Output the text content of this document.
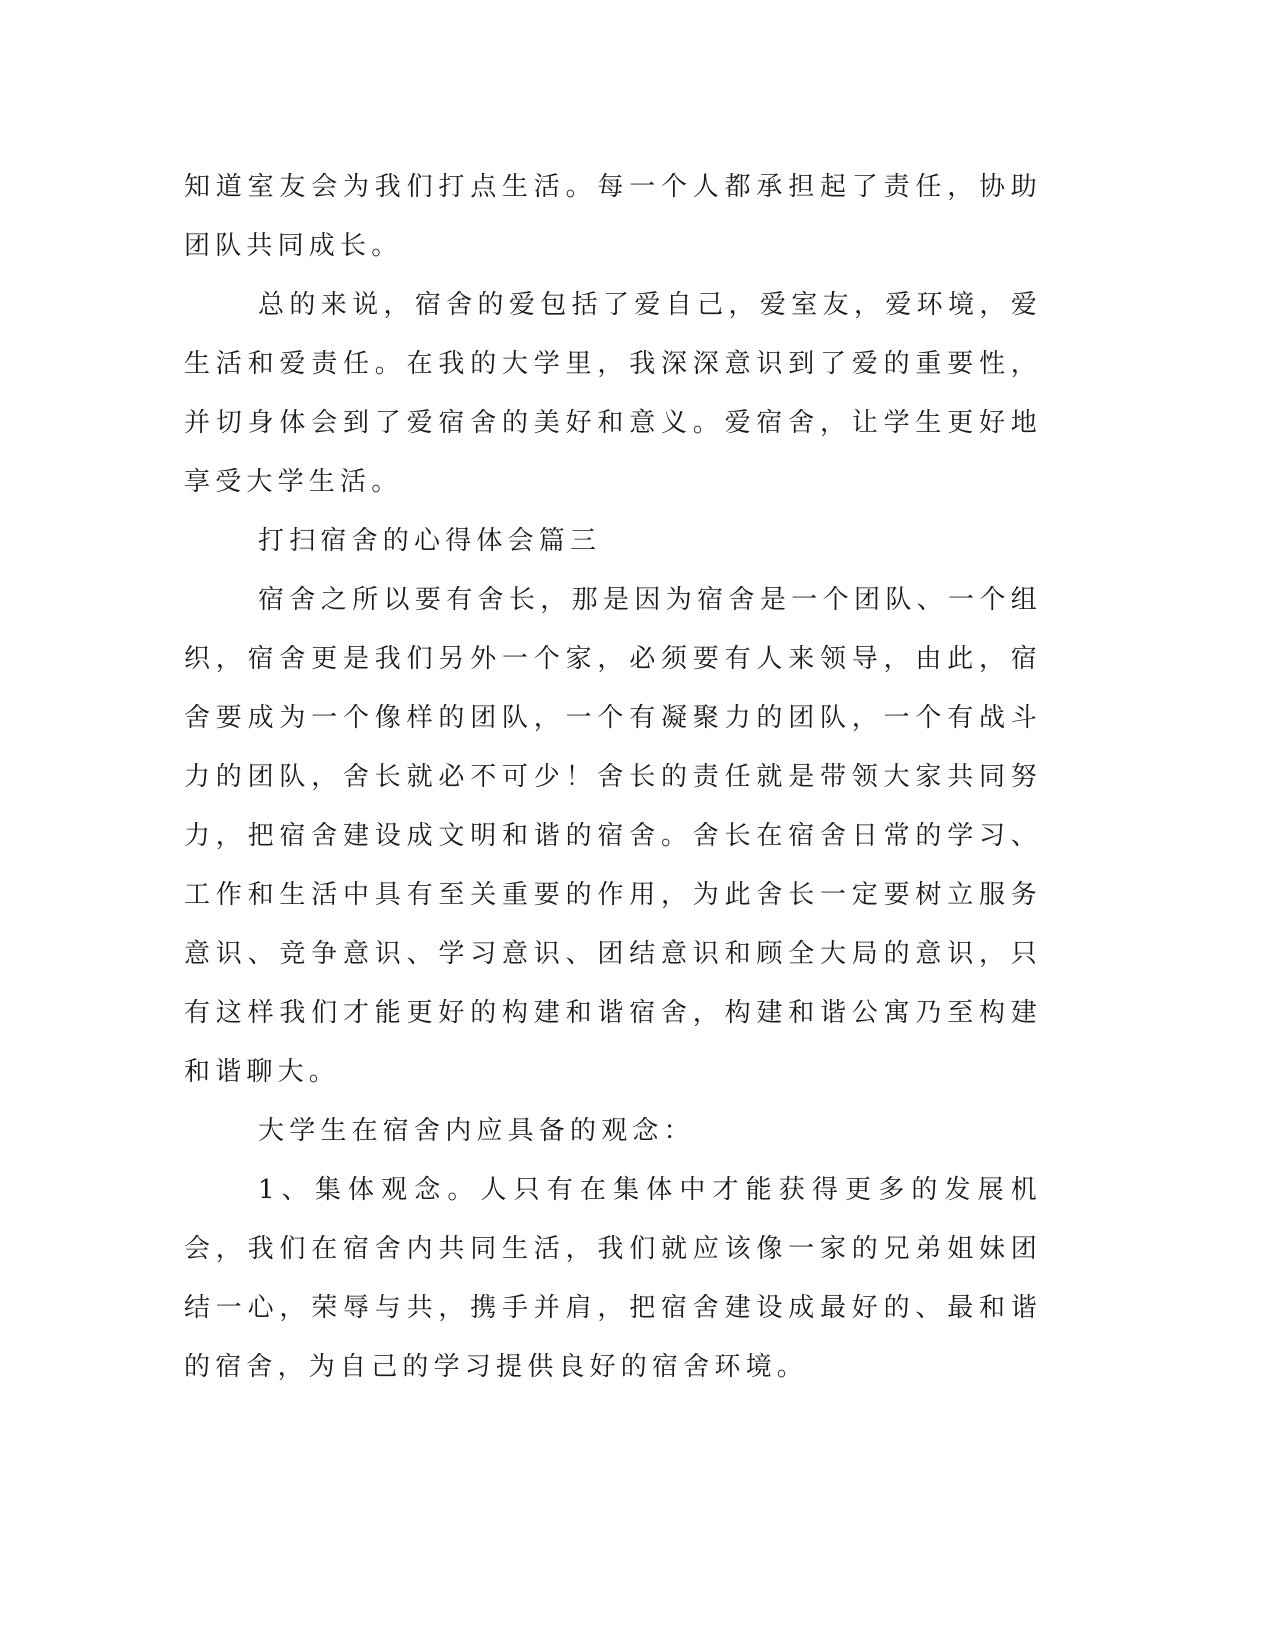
知道室友会为我们打点生活。每一个人都承担起了责任，协助团队共同成长。

总的来说，宿舍的爱包括了爱自己，爱室友，爱环境，爱生活和爱责任。在我的大学里，我深深意识到了爱的重要性，并切身体会到了爱宿舍的美好和意义。爱宿舍，让学生更好地享受大学生活。

打扫宿舍的心得体会篇三

宿舍之所以要有舍长，那是因为宿舍是一个团队、一个组织，宿舍更是我们另外一个家，必须要有人来领导，由此，宿舍要成为一个像样的团队，一个有凝聚力的团队，一个有战斗力的团队，舍长就必不可少！舍长的责任就是带领大家共同努力，把宿舍建设成文明和谐的宿舍。舍长在宿舍日常的学习、工作和生活中具有至关重要的作用，为此舍长一定要树立服务意识、竞争意识、学习意识、团结意识和顾全大局的意识，只有这样我们才能更好的构建和谐宿舍，构建和谐公寓乃至构建和谐聊大。

大学生在宿舍内应具备的观念：

1、集体观念。人只有在集体中才能获得更多的发展机会，我们在宿舍内共同生活，我们就应该像一家的兄弟姐妹团结一心，荣辱与共，携手并肩，把宿舍建设成最好的、最和谐的宿舍，为自己的学习提供良好的宿舍环境。
